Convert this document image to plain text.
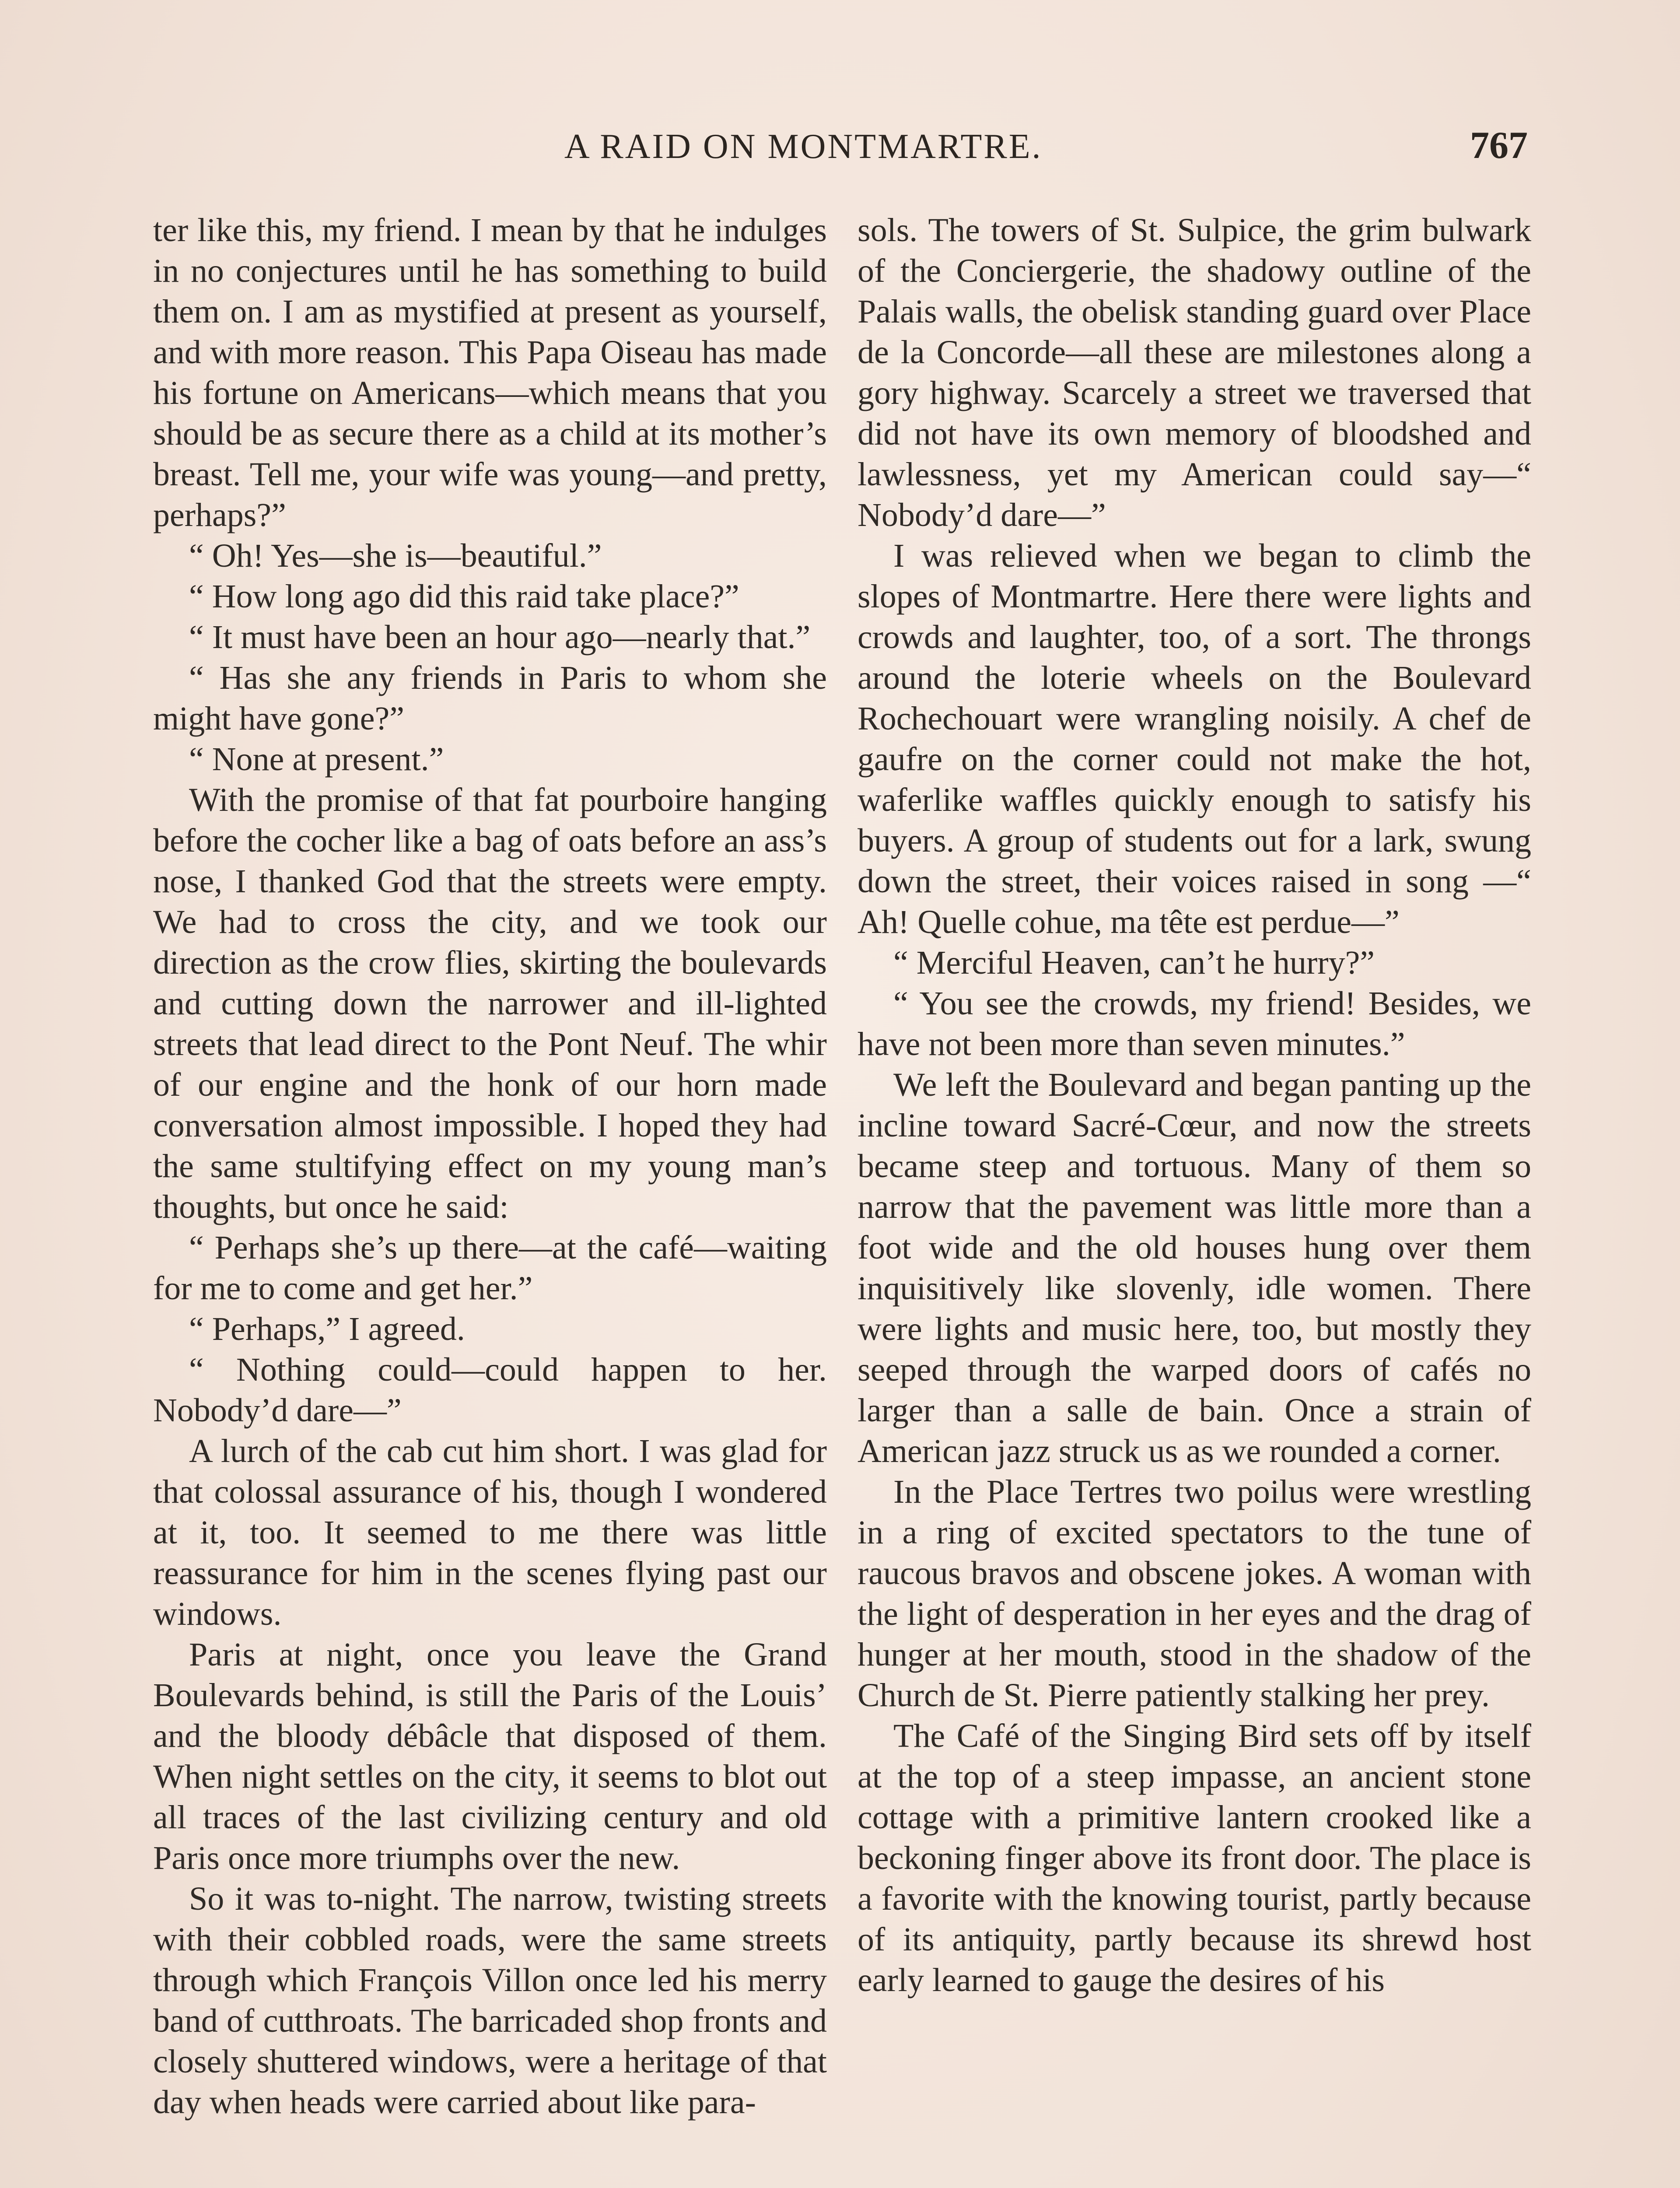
A RAID ON MONTMARTRE.	767

ter like this, my friend. I mean by that he indulges in no conjectures until he has something to build them on. I am as mystified at present as yourself, and with more reason. This Papa Oiseau has made his fortune on Americans—which means that you should be as secure there as a child at its mother’s breast. Tell me, your wife was young—and pretty, perhaps?”

“ Oh! Yes—she is—beautiful.”

“ How long ago did this raid take place?”

“ It must have been an hour ago—nearly that.”

“ Has she any friends in Paris to whom she might have gone?”

“ None at present.”

With the promise of that fat pourboire hanging before the cocher like a bag of oats before an ass’s nose, I thanked God that the streets were empty. We had to cross the city, and we took our direction as the crow flies, skirting the boulevards and cutting down the narrower and ill-lighted streets that lead direct to the Pont Neuf. The whir of our engine and the honk of our horn made conversation almost impossible. I hoped they had the same stultifying effect on my young man’s thoughts, but once he said:

“ Perhaps she’s up there—at the café—waiting for me to come and get her.”

“ Perhaps,” I agreed.

“ Nothing could—could happen to her. Nobody’d dare—”

A lurch of the cab cut him short. I was glad for that colossal assurance of his, though I wondered at it, too. It seemed to me there was little reassurance for him in the scenes flying past our windows.

Paris at night, once you leave the Grand Boulevards behind, is still the Paris of the Louis’ and the bloody débâcle that disposed of them. When night settles on the city, it seems to blot out all traces of the last civilizing century and old Paris once more triumphs over the new.

So it was to-night. The narrow, twisting streets with their cobbled roads, were the same streets through which François Villon once led his merry band of cutthroats. The barricaded shop fronts and closely shuttered windows, were a heritage of that day when heads were carried about like para-

sols. The towers of St. Sulpice, the grim bulwark of the Conciergerie, the shadowy outline of the Palais walls, the obelisk standing guard over Place de la Concorde—all these are milestones along a gory highway. Scarcely a street we traversed that did not have its own memory of bloodshed and lawlessness, yet my American could say—“ Nobody’d dare—”

I was relieved when we began to climb the slopes of Montmartre. Here there were lights and crowds and laughter, too, of a sort. The throngs around the loterie wheels on the Boulevard Rochechouart were wrangling noisily. A chef de gaufre on the corner could not make the hot, waferlike waffles quickly enough to satisfy his buyers. A group of students out for a lark, swung down the street, their voices raised in song —“ Ah! Quelle cohue, ma tête est perdue—”

“ Merciful Heaven, can’t he hurry?”

“ You see the crowds, my friend! Besides, we have not been more than seven minutes.”

We left the Boulevard and began panting up the incline toward Sacré-Cœur, and now the streets became steep and tortuous. Many of them so narrow that the pavement was little more than a foot wide and the old houses hung over them inquisitively like slovenly, idle women. There were lights and music here, too, but mostly they seeped through the warped doors of cafés no larger than a salle de bain. Once a strain of American jazz struck us as we rounded a corner.

In the Place Tertres two poilus were wrestling in a ring of excited spectators to the tune of raucous bravos and obscene jokes. A woman with the light of desperation in her eyes and the drag of hunger at her mouth, stood in the shadow of the Church de St. Pierre patiently stalking her prey.

The Café of the Singing Bird sets off by itself at the top of a steep impasse, an ancient stone cottage with a primitive lantern crooked like a beckoning finger above its front door. The place is a favorite with the knowing tourist, partly because of its antiquity, partly because its shrewd host early learned to gauge the desires of his
